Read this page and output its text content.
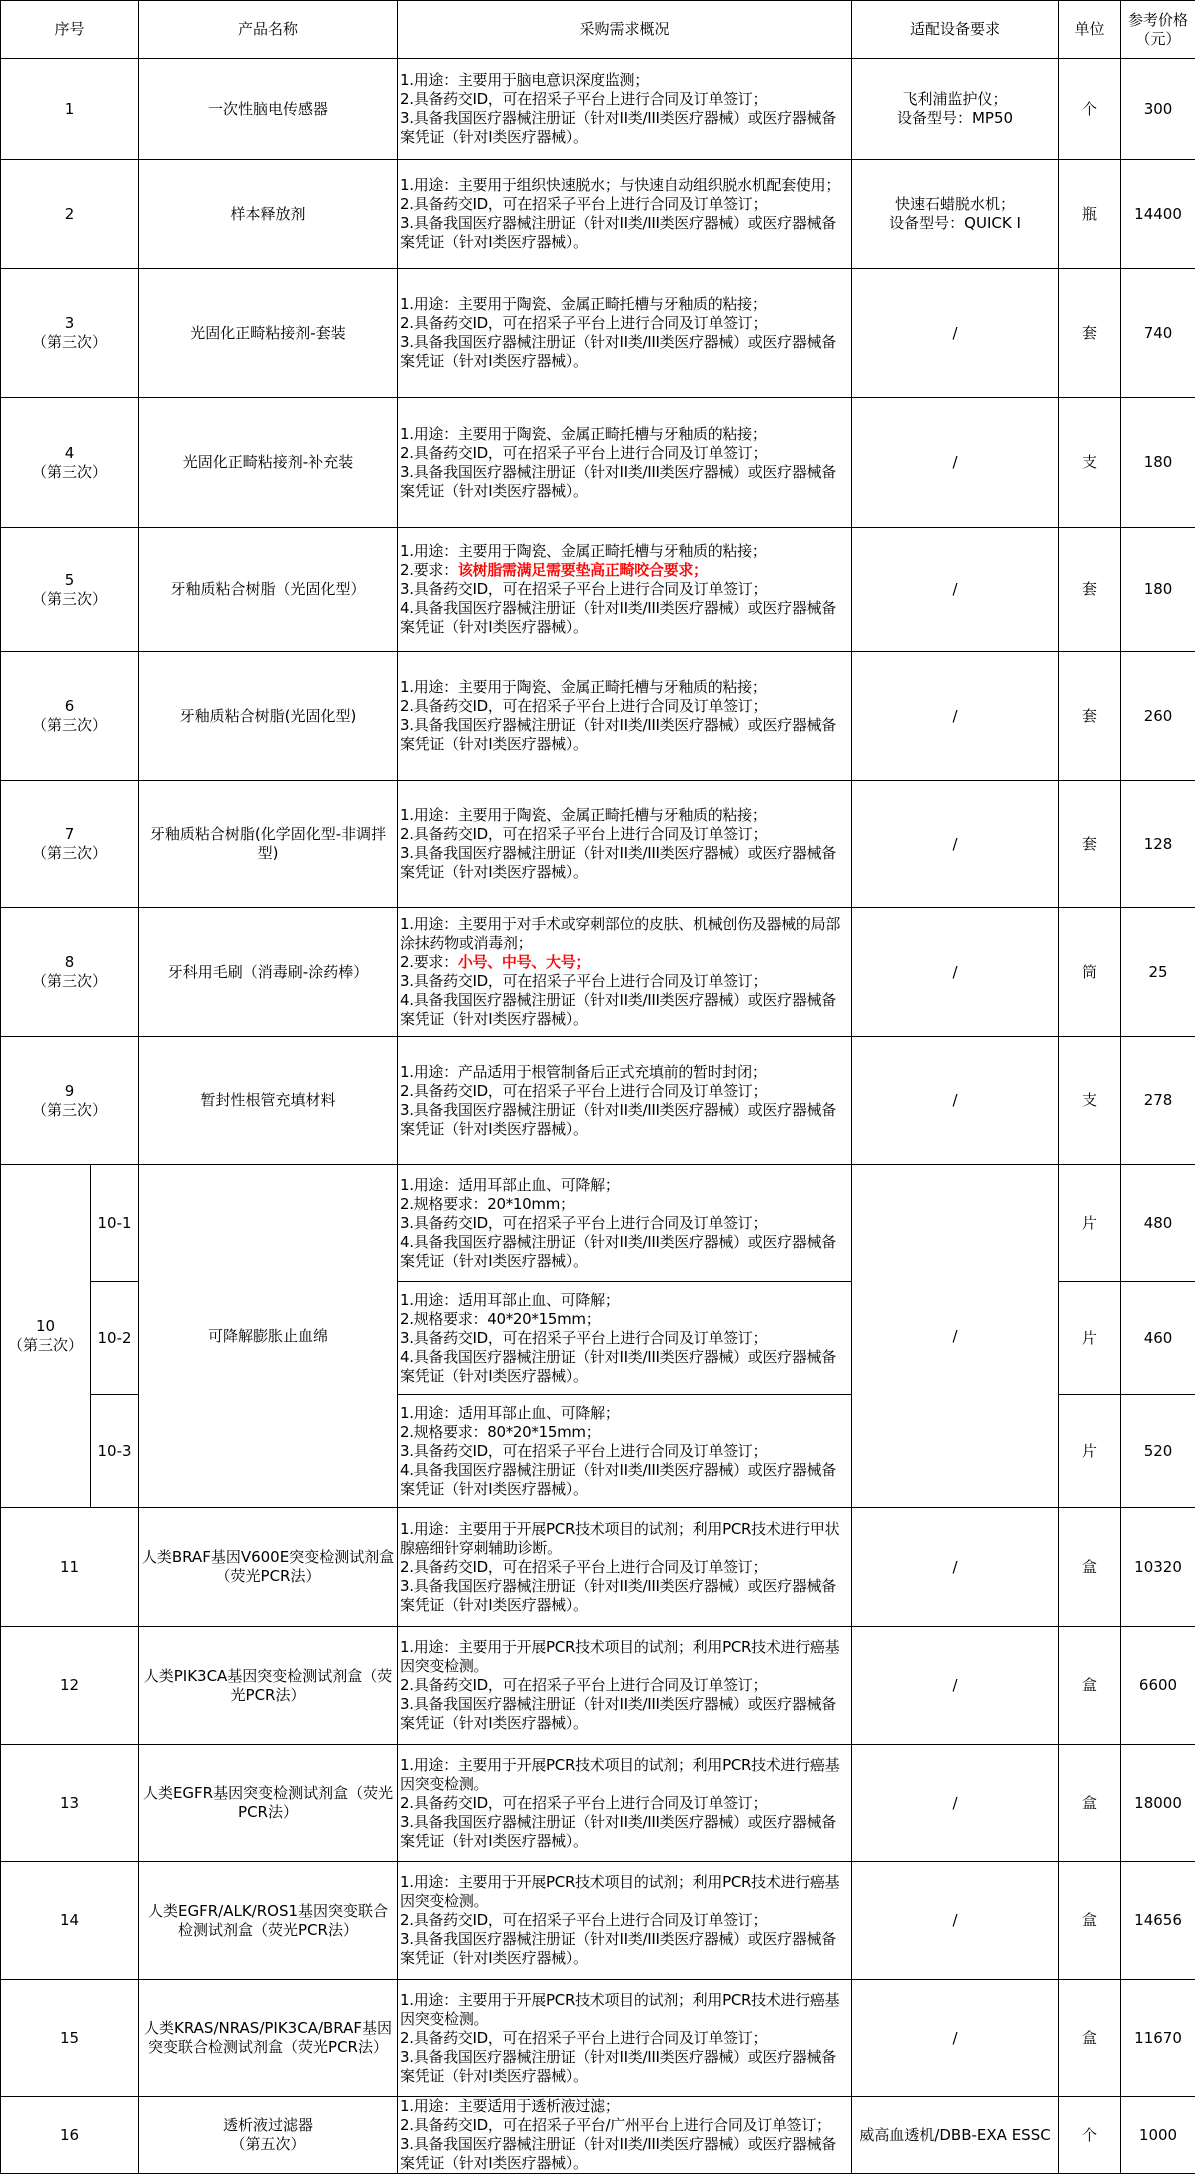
序号		产品名称	采购需求概况	适配设备要求	单位	参考价格（元）

1		一次性脑电传感器	1.用途：主要用于脑电意识深度监测；
2.具备药交ID，可在招采子平台上进行合同及订单签订；
3.具备我国医疗器械注册证（针对II类/III类医疗器械）或医疗器械备案凭证（针对I类医疗器械）。	飞利浦监护仪；
设备型号：MP50	个	300

2		样本释放剂	1.用途：主要用于组织快速脱水；与快速自动组织脱水机配套使用；
2.具备药交ID，可在招采子平台上进行合同及订单签订；
3.具备我国医疗器械注册证（针对II类/III类医疗器械）或医疗器械备案凭证（针对I类医疗器械）。	快速石蜡脱水机；
设备型号：QUICK Ⅰ	瓶	14400

3
（第三次）		光固化正畸粘接剂-套装	1.用途：主要用于陶瓷、金属正畸托槽与牙釉质的粘接；
2.具备药交ID，可在招采子平台上进行合同及订单签订；
3.具备我国医疗器械注册证（针对II类/III类医疗器械）或医疗器械备案凭证（针对I类医疗器械）。	/	套	740

4
（第三次）		光固化正畸粘接剂-补充装	1.用途：主要用于陶瓷、金属正畸托槽与牙釉质的粘接；
2.具备药交ID，可在招采子平台上进行合同及订单签订；
3.具备我国医疗器械注册证（针对II类/III类医疗器械）或医疗器械备案凭证（针对I类医疗器械）。	/	支	180

5
（第三次）		牙釉质粘合树脂（光固化型）	1.用途：主要用于陶瓷、金属正畸托槽与牙釉质的粘接；
2.要求：该树脂需满足需要垫高正畸咬合要求；
3.具备药交ID，可在招采子平台上进行合同及订单签订；
4.具备我国医疗器械注册证（针对II类/III类医疗器械）或医疗器械备案凭证（针对I类医疗器械）。	/	套	180

6
（第三次）		牙釉质粘合树脂(光固化型)	1.用途：主要用于陶瓷、金属正畸托槽与牙釉质的粘接；
2.具备药交ID，可在招采子平台上进行合同及订单签订；
3.具备我国医疗器械注册证（针对II类/III类医疗器械）或医疗器械备案凭证（针对I类医疗器械）。	/	套	260

7
（第三次）		牙釉质粘合树脂(化学固化型-非调拌型)	1.用途：主要用于陶瓷、金属正畸托槽与牙釉质的粘接；
2.具备药交ID，可在招采子平台上进行合同及订单签订；
3.具备我国医疗器械注册证（针对II类/III类医疗器械）或医疗器械备案凭证（针对I类医疗器械）。	/	套	128

8
（第三次）		牙科用毛刷（消毒刷-涂药棒）	1.用途：主要用于对手术或穿刺部位的皮肤、机械创伤及器械的局部涂抹药物或消毒剂；
2.要求：小号、中号、大号；
3.具备药交ID，可在招采子平台上进行合同及订单签订；
4.具备我国医疗器械注册证（针对II类/III类医疗器械）或医疗器械备案凭证（针对I类医疗器械）。	/	筒	25

9
（第三次）		暂封性根管充填材料	1.用途：产品适用于根管制备后正式充填前的暂时封闭；
2.具备药交ID，可在招采子平台上进行合同及订单签订；
3.具备我国医疗器械注册证（针对II类/III类医疗器械）或医疗器械备案凭证（针对I类医疗器械）。	/	支	278

10
（第三次）	10-1	可降解膨胀止血绵	1.用途：适用耳部止血、可降解；
2.规格要求：20*10mm；
3.具备药交ID，可在招采子平台上进行合同及订单签订；
4.具备我国医疗器械注册证（针对II类/III类医疗器械）或医疗器械备案凭证（针对I类医疗器械）。	/	片	480
	10-2		1.用途：适用耳部止血、可降解；
2.规格要求：40*20*15mm；
3.具备药交ID，可在招采子平台上进行合同及订单签订；
4.具备我国医疗器械注册证（针对II类/III类医疗器械）或医疗器械备案凭证（针对I类医疗器械）。		片	460
	10-3		1.用途：适用耳部止血、可降解；
2.规格要求：80*20*15mm；
3.具备药交ID，可在招采子平台上进行合同及订单签订；
4.具备我国医疗器械注册证（针对II类/III类医疗器械）或医疗器械备案凭证（针对I类医疗器械）。		片	520

11		人类BRAF基因V600E突变检测试剂盒（荧光PCR法）	1.用途：主要用于开展PCR技术项目的试剂；利用PCR技术进行甲状腺癌细针穿刺辅助诊断。
2.具备药交ID，可在招采子平台上进行合同及订单签订；
3.具备我国医疗器械注册证（针对II类/III类医疗器械）或医疗器械备案凭证（针对I类医疗器械）。	/	盒	10320

12		人类PIK3CA基因突变检测试剂盒（荧光PCR法）	1.用途：主要用于开展PCR技术项目的试剂；利用PCR技术进行癌基因突变检测。
2.具备药交ID，可在招采子平台上进行合同及订单签订；
3.具备我国医疗器械注册证（针对II类/III类医疗器械）或医疗器械备案凭证（针对I类医疗器械）。	/	盒	6600

13		人类EGFR基因突变检测试剂盒（荧光PCR法）	1.用途：主要用于开展PCR技术项目的试剂；利用PCR技术进行癌基因突变检测。
2.具备药交ID，可在招采子平台上进行合同及订单签订；
3.具备我国医疗器械注册证（针对II类/III类医疗器械）或医疗器械备案凭证（针对I类医疗器械）。	/	盒	18000

14		人类EGFR/ALK/ROS1基因突变联合检测试剂盒（荧光PCR法）	1.用途：主要用于开展PCR技术项目的试剂；利用PCR技术进行癌基因突变检测。
2.具备药交ID，可在招采子平台上进行合同及订单签订；
3.具备我国医疗器械注册证（针对II类/III类医疗器械）或医疗器械备案凭证（针对I类医疗器械）。	/	盒	14656

15		人类KRAS/NRAS/PIK3CA/BRAF基因突变联合检测试剂盒（荧光PCR法）	1.用途：主要用于开展PCR技术项目的试剂；利用PCR技术进行癌基因突变检测。
2.具备药交ID，可在招采子平台上进行合同及订单签订；
3.具备我国医疗器械注册证（针对II类/III类医疗器械）或医疗器械备案凭证（针对I类医疗器械）。	/	盒	11670

16		透析液过滤器
（第五次）	1.用途：主要适用于透析液过滤；
2.具备药交ID，可在招采子平台/广州平台上进行合同及订单签订；
3.具备我国医疗器械注册证（针对II类/III类医疗器械）或医疗器械备案凭证（针对I类医疗器械）。	威高血透机/DBB-EXA ESSC	个	1000
